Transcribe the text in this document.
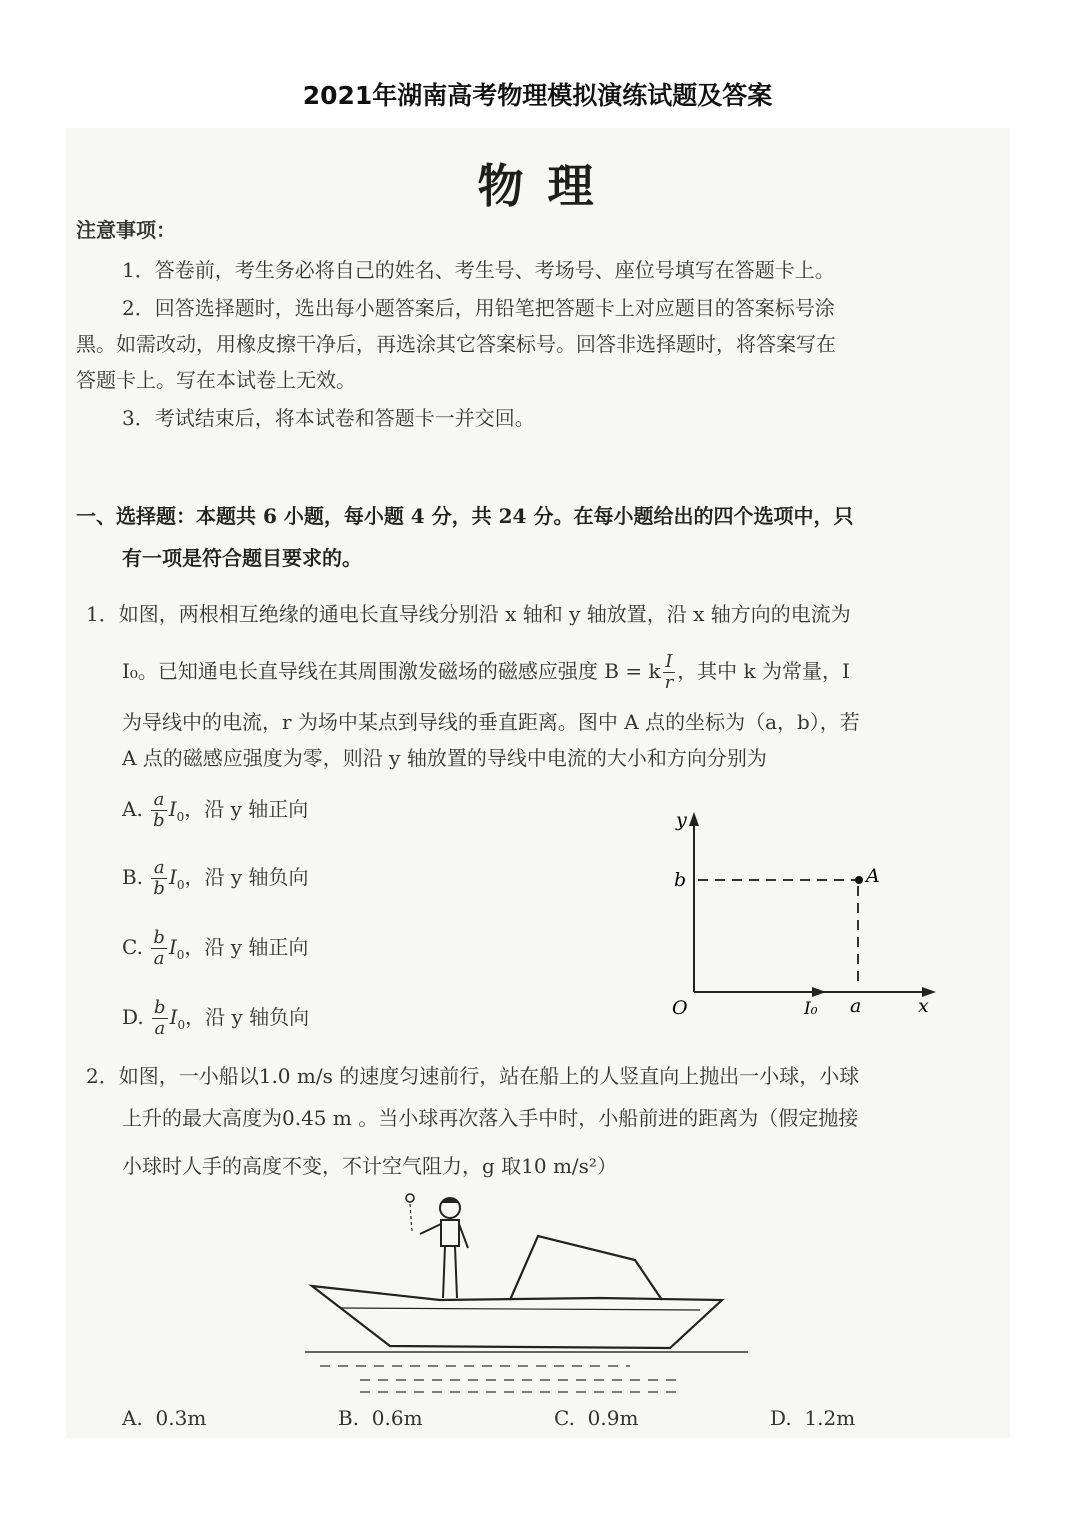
2021年湖南高考物理模拟演练试题及答案
物 理
注意事项：
1．答卷前，考生务必将自己的姓名、考生号、考场号、座位号填写在答题卡上。
2．回答选择题时，选出每小题答案后，用铅笔把答题卡上对应题目的答案标号涂
黑。如需改动，用橡皮擦干净后，再选涂其它答案标号。回答非选择题时，将答案写在
答题卡上。写在本试卷上无效。
3．考试结束后，将本试卷和答题卡一并交回。
一、选择题：本题共 6 小题，每小题 4 分，共 24 分。在每小题给出的四个选项中，只
有一项是符合题目要求的。
1．如图，两根相互绝缘的通电长直导线分别沿 x 轴和 y 轴放置，沿 x 轴方向的电流为
I₀。已知通电长直导线在其周围激发磁场的磁感应强度 B = k $\frac{I}{r}$ ，其中 k 为常量，I
为导线中的电流，r 为场中某点到导线的垂直距离。图中 A 点的坐标为（a，b），若
A 点的磁感应强度为零，则沿 y 轴放置的导线中电流的大小和方向分别为
A. $\frac{a}{b} I_0$，沿 y 轴正向
B. $\frac{a}{b} I_0$，沿 y 轴负向
C. $\frac{b}{a} I_0$，沿 y 轴正向
D. $\frac{b}{a} I_0$，沿 y 轴负向
y
b	A
O	I₀ a	x
2．如图，一小船以1.0 m/s 的速度匀速前行，站在船上的人竖直向上抛出一小球，小球
上升的最大高度为0.45 m 。当小球再次落入手中时，小船前进的距离为（假定抛接
小球时人手的高度不变，不计空气阻力，g 取10 m/s²）
A. 0.3m	B. 0.6m	C. 0.9m	D. 1.2m
